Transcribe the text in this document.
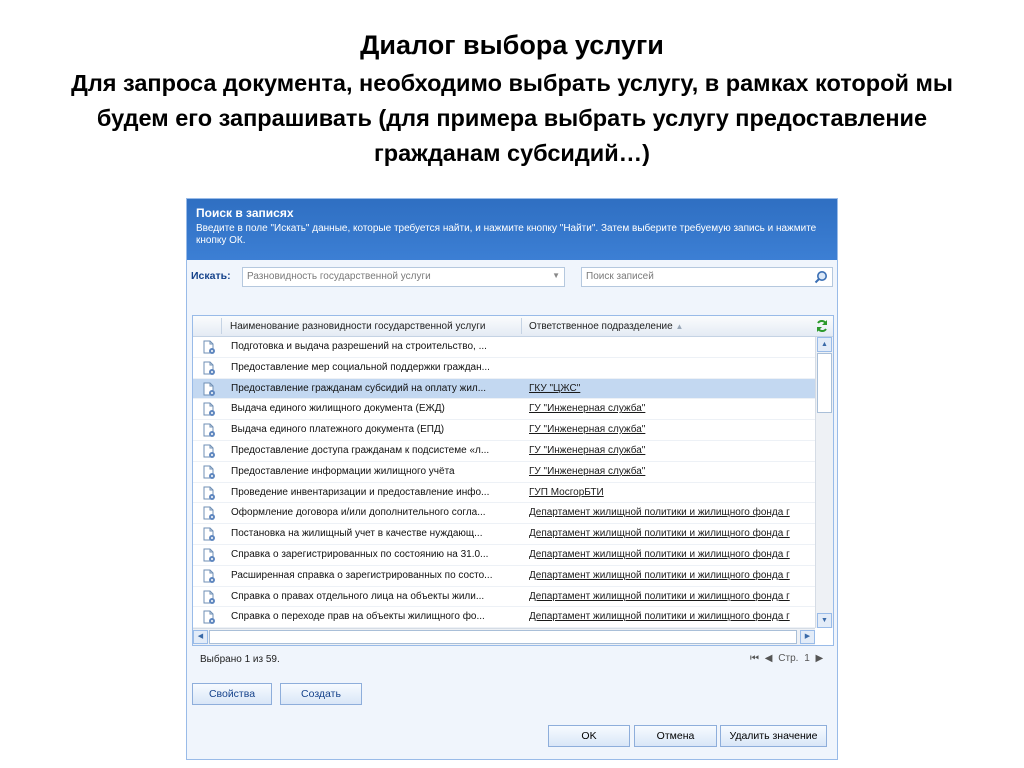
Диалог выбора услуги
Для запроса документа, необходимо выбрать услугу, в рамках которой мы будем его запрашивать (для примера выбрать услугу предоставление гражданам субсидий…)
Поиск в записях
Введите в поле "Искать" данные, которые требуется найти, и нажмите кнопку "Найти". Затем выберите требуемую запись и нажмите кнопку ОК.
Искать:	Разновидность государственной услуги	▼	Поиск записей
Наименование разновидности государственной услуги	Ответственное подразделение ▲
Подготовка и выдача разрешений на строительство, ...
Предоставление мер социальной поддержки граждан...
Предоставление гражданам субсидий на оплату жил...	ГКУ "ЦЖС"
Выдача единого жилищного документа (ЕЖД)	ГУ "Инженерная служба"
Выдача единого платежного документа (ЕПД)	ГУ "Инженерная служба"
Предоставление доступа гражданам к подсистеме «л...	ГУ "Инженерная служба"
Предоставление информации жилищного учёта	ГУ "Инженерная служба"
Проведение инвентаризации и предоставление инфо...	ГУП МосгорБТИ
Оформление договора и/или дополнительного согла...	Департамент жилищной политики и жилищного фонда г
Постановка на жилищный учет в качестве нуждающ...	Департамент жилищной политики и жилищного фонда г
Справка о зарегистрированных по состоянию на 31.0...	Департамент жилищной политики и жилищного фонда г
Расширенная справка о зарегистрированных по состо...	Департамент жилищной политики и жилищного фонда г
Справка о правах отдельного лица на объекты жили...	Департамент жилищной политики и жилищного фонда г
Справка о переходе прав на объекты жилищного фо...	Департамент жилищной политики и жилищного фонда г
▲
▼
◀	▶
Выбрано 1 из 59.	⏮ ◀ Стр. 1 ▶
Свойства	Создать
OK	Отмена	Удалить значение
